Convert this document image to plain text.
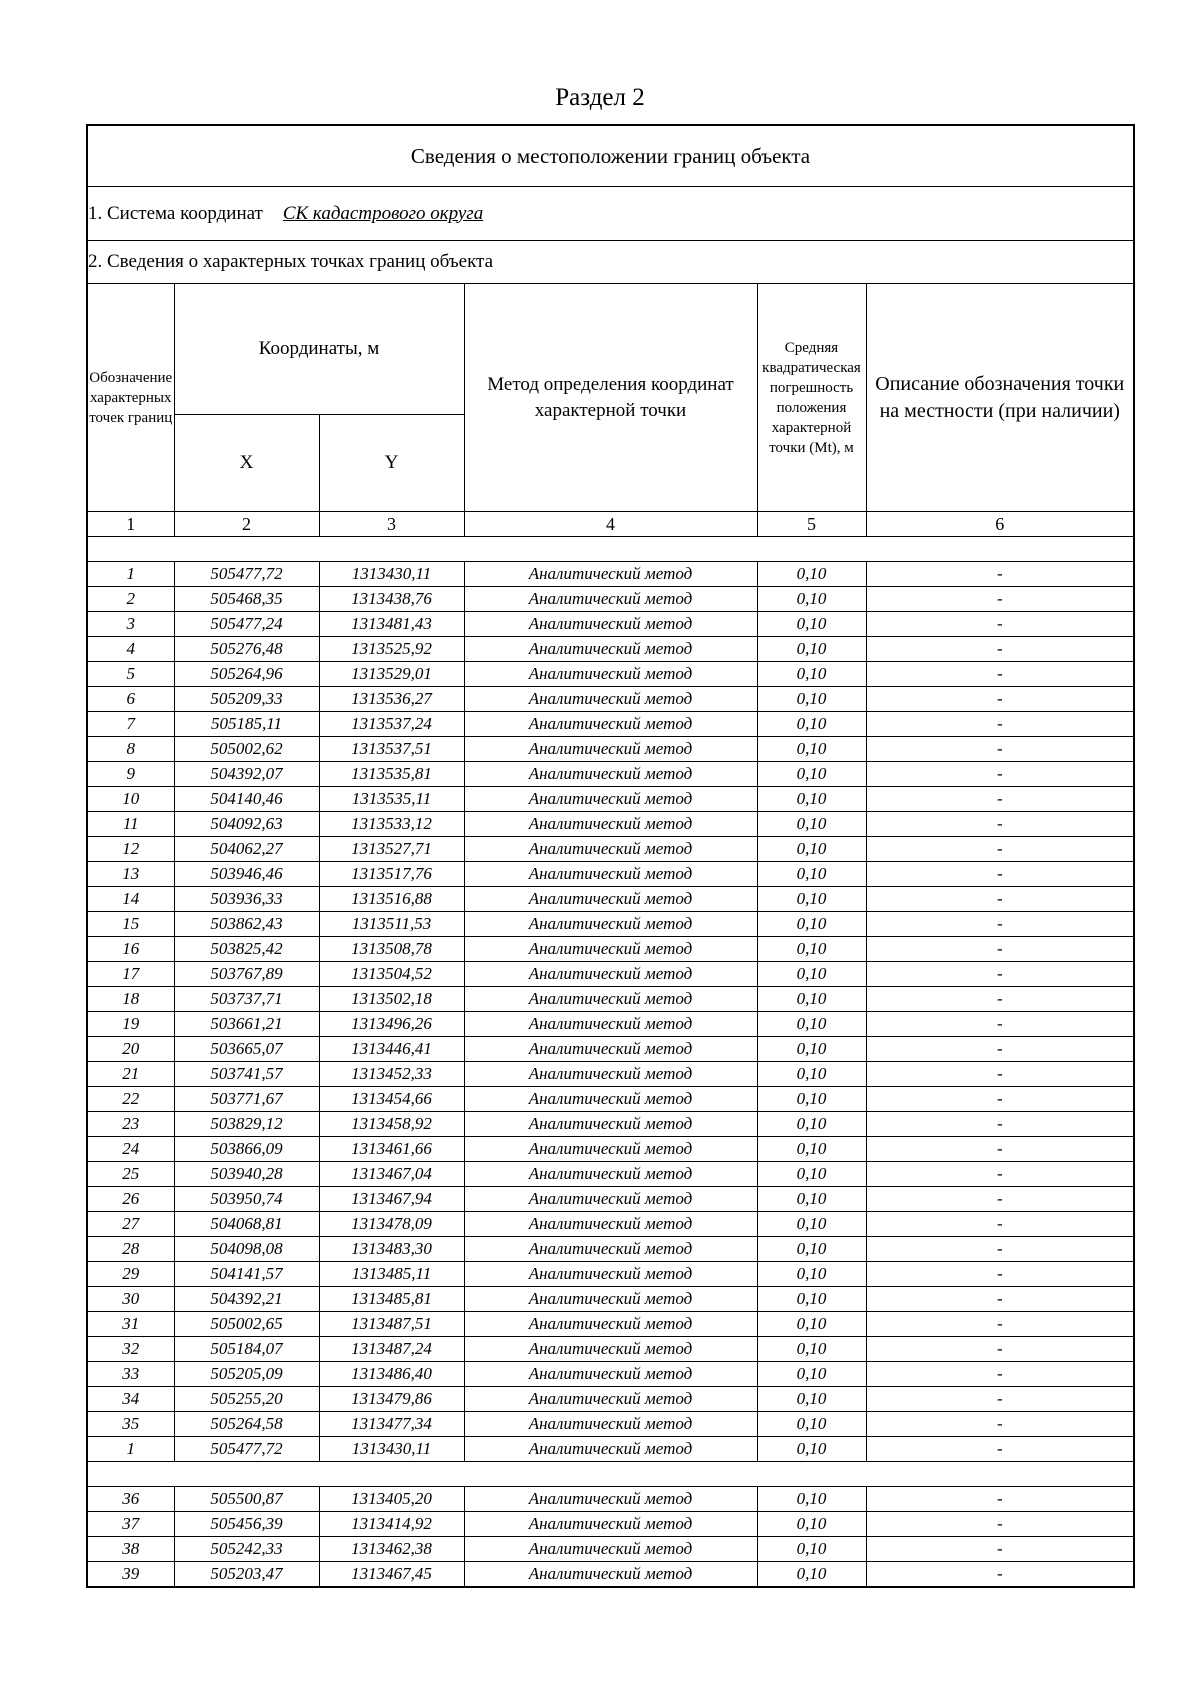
Раздел 2
Сведения о местоположении границ объекта					
1. Система координат СК кадастрового округа					
2. Сведения о характерных точках границ объекта					
Обозначение характерных точек границ	Координаты, м		Метод определения координат характерной точки	Средняя квадратическая погрешность положения характерной точки (Mt), м	Описание обозначения точки на местности (при наличии)
	X	Y			
1	2	3	4	5	6

1	505477,72	1313430,11	Аналитический метод	0,10	-
2	505468,35	1313438,76	Аналитический метод	0,10	-
3	505477,24	1313481,43	Аналитический метод	0,10	-
4	505276,48	1313525,92	Аналитический метод	0,10	-
5	505264,96	1313529,01	Аналитический метод	0,10	-
6	505209,33	1313536,27	Аналитический метод	0,10	-
7	505185,11	1313537,24	Аналитический метод	0,10	-
8	505002,62	1313537,51	Аналитический метод	0,10	-
9	504392,07	1313535,81	Аналитический метод	0,10	-
10	504140,46	1313535,11	Аналитический метод	0,10	-
11	504092,63	1313533,12	Аналитический метод	0,10	-
12	504062,27	1313527,71	Аналитический метод	0,10	-
13	503946,46	1313517,76	Аналитический метод	0,10	-
14	503936,33	1313516,88	Аналитический метод	0,10	-
15	503862,43	1313511,53	Аналитический метод	0,10	-
16	503825,42	1313508,78	Аналитический метод	0,10	-
17	503767,89	1313504,52	Аналитический метод	0,10	-
18	503737,71	1313502,18	Аналитический метод	0,10	-
19	503661,21	1313496,26	Аналитический метод	0,10	-
20	503665,07	1313446,41	Аналитический метод	0,10	-
21	503741,57	1313452,33	Аналитический метод	0,10	-
22	503771,67	1313454,66	Аналитический метод	0,10	-
23	503829,12	1313458,92	Аналитический метод	0,10	-
24	503866,09	1313461,66	Аналитический метод	0,10	-
25	503940,28	1313467,04	Аналитический метод	0,10	-
26	503950,74	1313467,94	Аналитический метод	0,10	-
27	504068,81	1313478,09	Аналитический метод	0,10	-
28	504098,08	1313483,30	Аналитический метод	0,10	-
29	504141,57	1313485,11	Аналитический метод	0,10	-
30	504392,21	1313485,81	Аналитический метод	0,10	-
31	505002,65	1313487,51	Аналитический метод	0,10	-
32	505184,07	1313487,24	Аналитический метод	0,10	-
33	505205,09	1313486,40	Аналитический метод	0,10	-
34	505255,20	1313479,86	Аналитический метод	0,10	-
35	505264,58	1313477,34	Аналитический метод	0,10	-
1	505477,72	1313430,11	Аналитический метод	0,10	-

36	505500,87	1313405,20	Аналитический метод	0,10	-
37	505456,39	1313414,92	Аналитический метод	0,10	-
38	505242,33	1313462,38	Аналитический метод	0,10	-
39	505203,47	1313467,45	Аналитический метод	0,10	-
